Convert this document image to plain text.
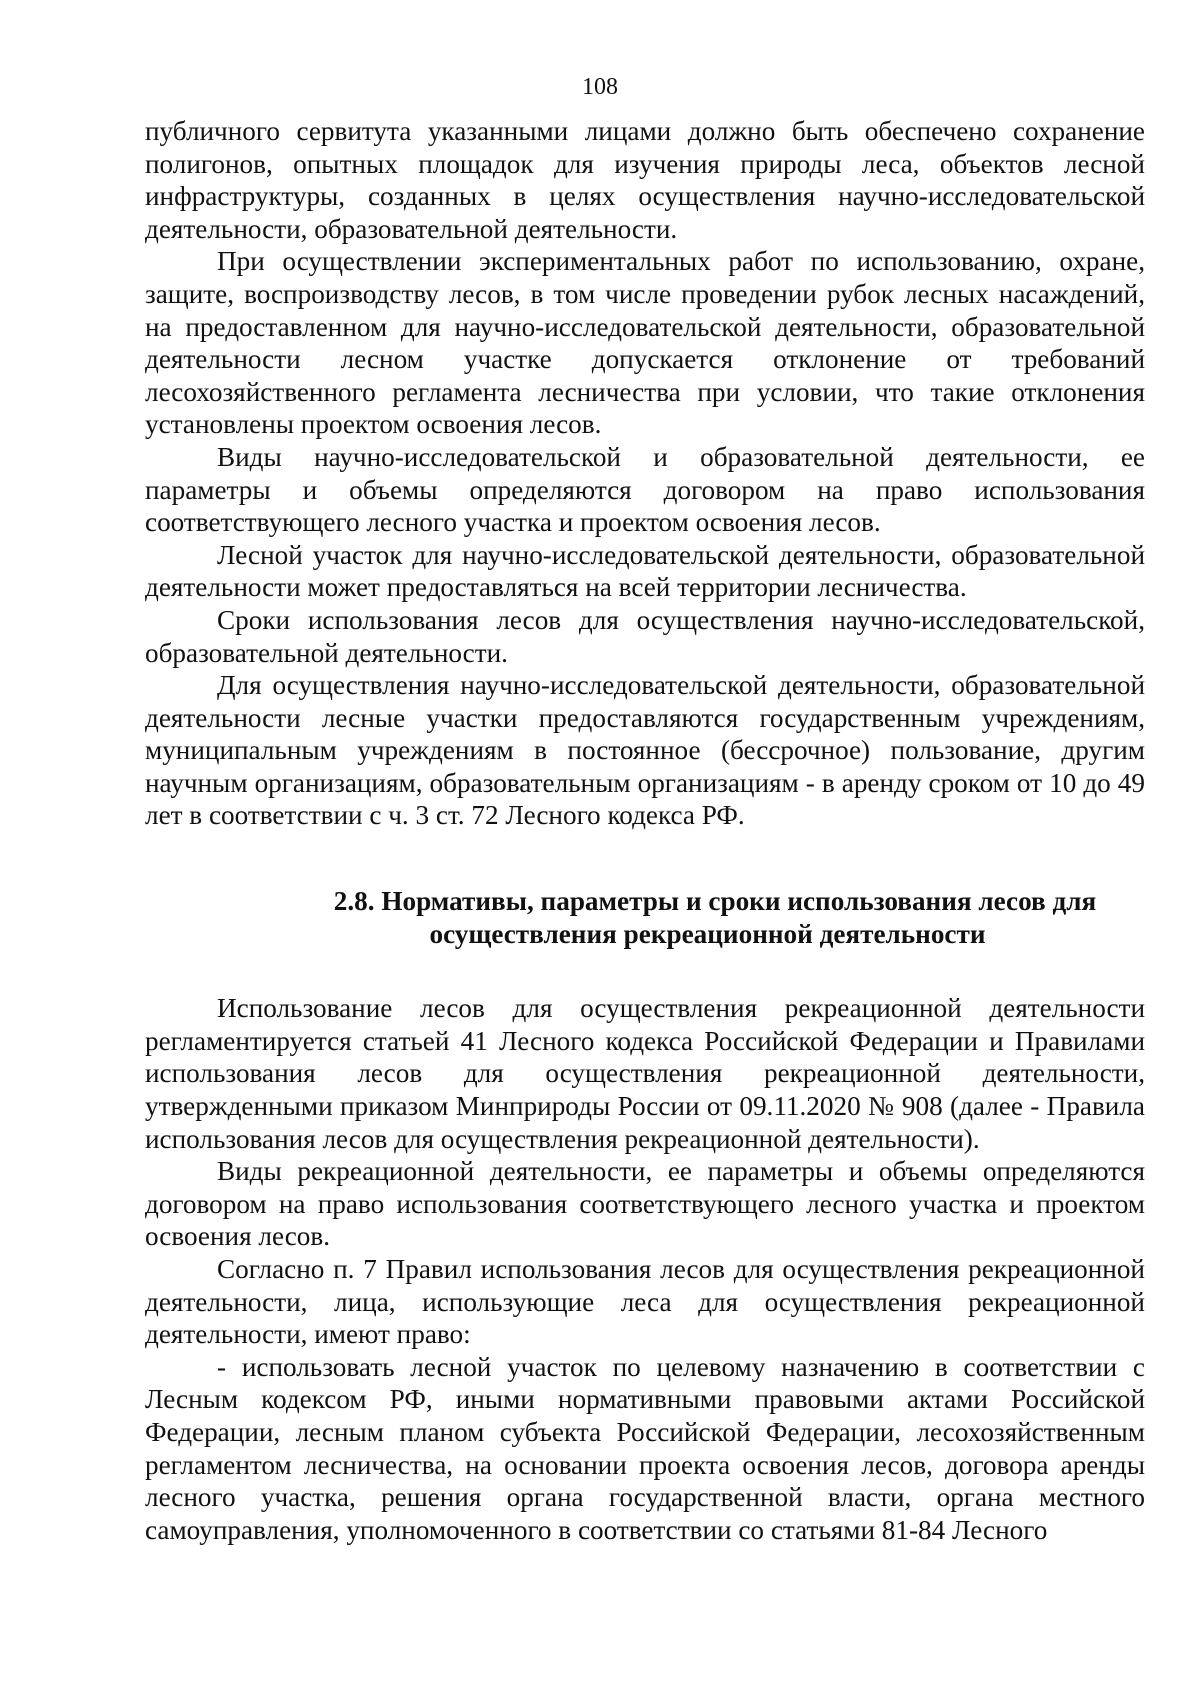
108

публичного сервитута указанными лицами должно быть обеспечено сохранение полигонов, опытных площадок для изучения природы леса, объектов лесной инфраструктуры, созданных в целях осуществления научно-исследовательской деятельности, образовательной деятельности.

При осуществлении экспериментальных работ по использованию, охране, защите, воспроизводству лесов, в том числе проведении рубок лесных насаждений, на предоставленном для научно-исследовательской деятельности, образовательной деятельности лесном участке допускается отклонение от требований лесохозяйственного регламента лесничества при условии, что такие отклонения установлены проектом освоения лесов.

Виды научно-исследовательской и образовательной деятельности, ее параметры и объемы определяются договором на право использования соответствующего лесного участка и проектом освоения лесов.

Лесной участок для научно-исследовательской деятельности, образовательной деятельности может предоставляться на всей территории лесничества.

Сроки использования лесов для осуществления научно-исследовательской, образовательной деятельности.

Для осуществления научно-исследовательской деятельности, образовательной деятельности лесные участки предоставляются государственным учреждениям, муниципальным учреждениям в постоянное (бессрочное) пользование, другим научным организациям, образовательным организациям - в аренду сроком от 10 до 49 лет в соответствии с ч. 3 ст. 72 Лесного кодекса РФ.

2.8. Нормативы, параметры и сроки использования лесов для
осуществления рекреационной деятельности

Использование лесов для осуществления рекреационной деятельности регламентируется статьей 41 Лесного кодекса Российской Федерации и Правилами использования лесов для осуществления рекреационной деятельности, утвержденными приказом Минприроды России от 09.11.2020 № 908 (далее - Правила использования лесов для осуществления рекреационной деятельности).

Виды рекреационной деятельности, ее параметры и объемы определяются договором на право использования соответствующего лесного участка и проектом освоения лесов.

Согласно п. 7 Правил использования лесов для осуществления рекреационной деятельности, лица, использующие леса для осуществления рекреационной деятельности, имеют право:

- использовать лесной участок по целевому назначению в соответствии с Лесным кодексом РФ, иными нормативными правовыми актами Российской Федерации, лесным планом субъекта Российской Федерации, лесохозяйственным регламентом лесничества, на основании проекта освоения лесов, договора аренды лесного участка, решения органа государственной власти, органа местного самоуправления, уполномоченного в соответствии со статьями 81-84 Лесного
